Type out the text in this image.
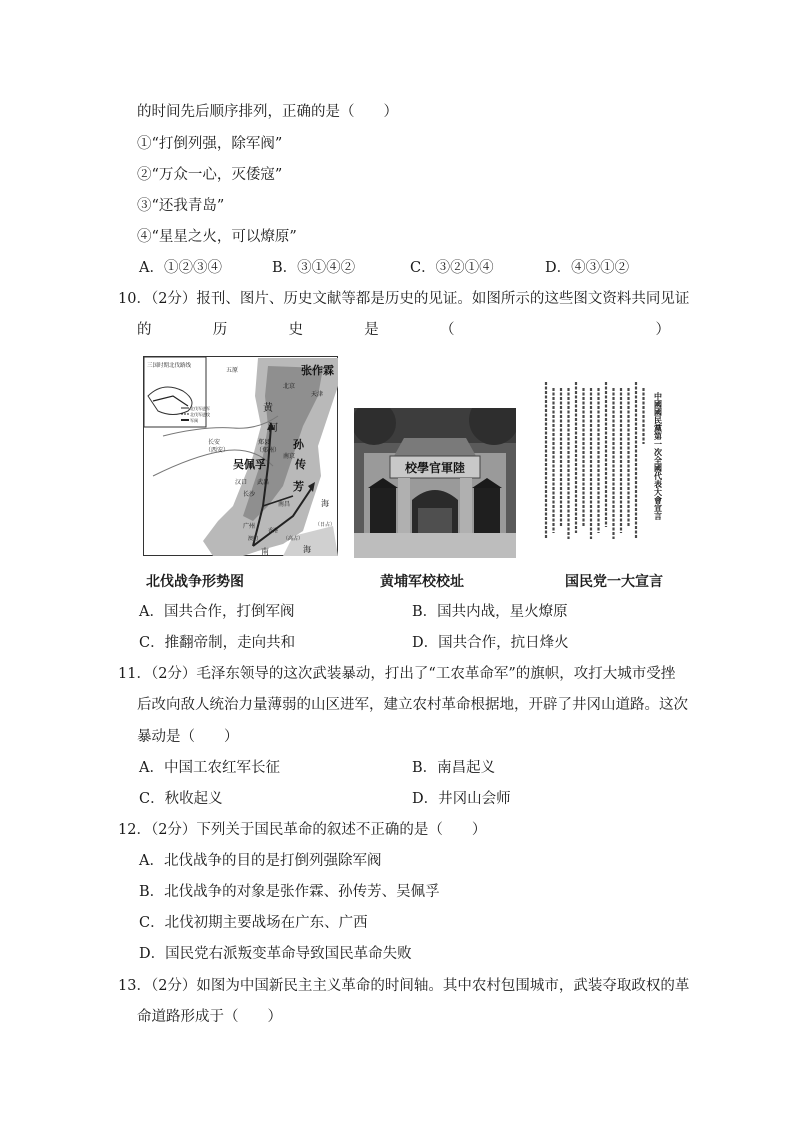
的时间先后顺序排列，正确的是（　　）
①“打倒列强，除军阀”
②“万众一心，灭倭寇”
③“还我青岛”
④“星星之火，可以燎原”
A．①②③④	B．③①④②	C．③②①④	D．④③①②
10．（2分）报刊、图片、历史文献等都是历史的见证。如图所示的这些图文资料共同见证
的	历	史	是	（	）
三国时期北伐路线
北伐军进军
北伐军进攻
军阀
张作霖
五原
北京
天津
黄
河
长安
（西安）
郑县
（郑州）
吴佩孚
汉口 武昌
南京
孙
传
芳
长沙
南昌
广州
香港
澳门	（高占）
南	海
海
（日占）
校學官軍陸	中國國民黨第一次全國代表大會宣言
北伐战争形势图	黄埔军校校址	国民党一大宣言
A．国共合作，打倒军阀	B．国共内战，星火燎原
C．推翻帝制，走向共和	D．国共合作，抗日烽火
11．（2分）毛泽东领导的这次武装暴动，打出了“工农革命军”的旗帜，攻打大城市受挫
后改向敌人统治力量薄弱的山区进军，建立农村革命根据地，开辟了井冈山道路。这次
暴动是（　　）
A．中国工农红军长征	B．南昌起义
C．秋收起义	D．井冈山会师
12．（2分）下列关于国民革命的叙述不正确的是（　　）
A．北伐战争的目的是打倒列强除军阀
B．北伐战争的对象是张作霖、孙传芳、吴佩孚
C．北伐初期主要战场在广东、广西
D．国民党右派叛变革命导致国民革命失败
13．（2分）如图为中国新民主主义革命的时间轴。其中农村包围城市，武装夺取政权的革
命道路形成于（　　）
